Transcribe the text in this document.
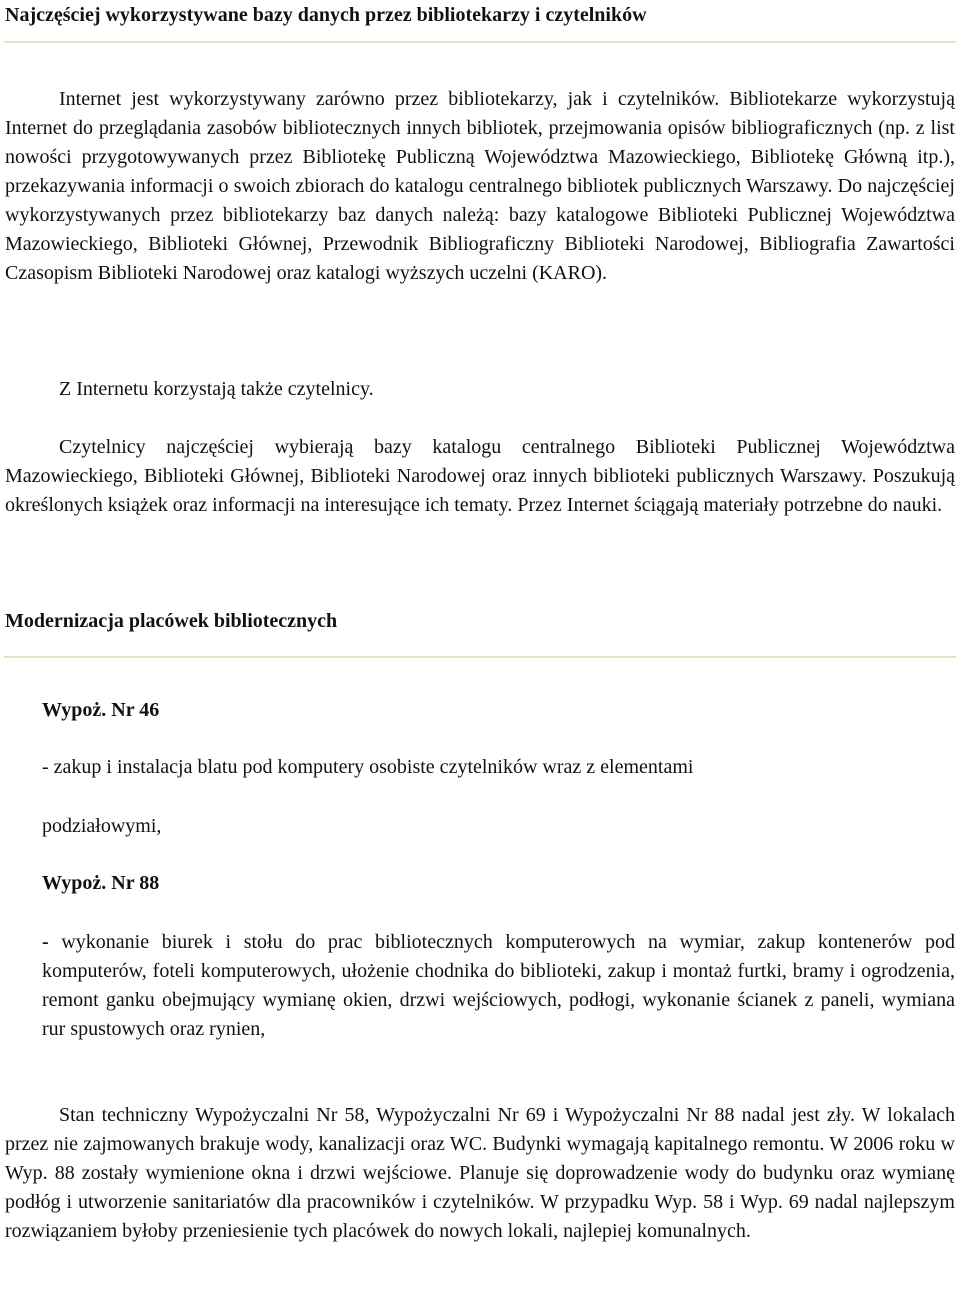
Najczęściej wykorzystywane bazy danych przez bibliotekarzy i czytelników

Internet jest wykorzystywany zarówno przez bibliotekarzy, jak i czytelników. Bibliotekarze wykorzystują Internet do przeglądania zasobów bibliotecznych innych bibliotek, przejmowania opisów bibliograficznych (np. z list nowości przygotowywanych przez Bibliotekę Publiczną Województwa Mazowieckiego, Bibliotekę Główną itp.), przekazywania informacji o swoich zbiorach do katalogu centralnego bibliotek publicznych Warszawy. Do najczęściej wykorzystywanych przez bibliotekarzy baz danych należą: bazy katalogowe Biblioteki Publicznej Województwa Mazowieckiego, Biblioteki Głównej, Przewodnik Bibliograficzny Biblioteki Narodowej, Bibliografia Zawartości Czasopism Biblioteki Narodowej oraz katalogi wyższych uczelni (KARO).

Z Internetu korzystają także czytelnicy.

Czytelnicy najczęściej wybierają bazy katalogu centralnego Biblioteki Publicznej Województwa Mazowieckiego, Biblioteki Głównej, Biblioteki Narodowej oraz innych biblioteki publicznych Warszawy. Poszukują określonych książek oraz informacji na interesujące ich tematy. Przez Internet ściągają materiały potrzebne do nauki.

Modernizacja placówek bibliotecznych

Wypoż. Nr 46

- zakup i instalacja blatu pod komputery osobiste czytelników wraz z elementami

podziałowymi,

Wypoż. Nr 88

- wykonanie biurek i stołu do prac bibliotecznych komputerowych na wymiar, zakup kontenerów pod komputerów, foteli komputerowych, ułożenie chodnika do biblioteki, zakup i montaż furtki, bramy i ogrodzenia, remont ganku obejmujący wymianę okien, drzwi wejściowych, podłogi, wykonanie ścianek z paneli, wymiana rur spustowych oraz rynien,

Stan techniczny Wypożyczalni Nr 58, Wypożyczalni Nr 69 i Wypożyczalni Nr 88 nadal jest zły. W lokalach przez nie zajmowanych brakuje wody, kanalizacji oraz WC. Budynki wymagają kapitalnego remontu. W 2006 roku w Wyp. 88 zostały wymienione okna i drzwi wejściowe. Planuje się doprowadzenie wody do budynku oraz wymianę podłóg i utworzenie sanitariatów dla pracowników i czytelników. W przypadku Wyp. 58 i Wyp. 69 nadal najlepszym rozwiązaniem byłoby przeniesienie tych placówek do nowych lokali, najlepiej komunalnych.
